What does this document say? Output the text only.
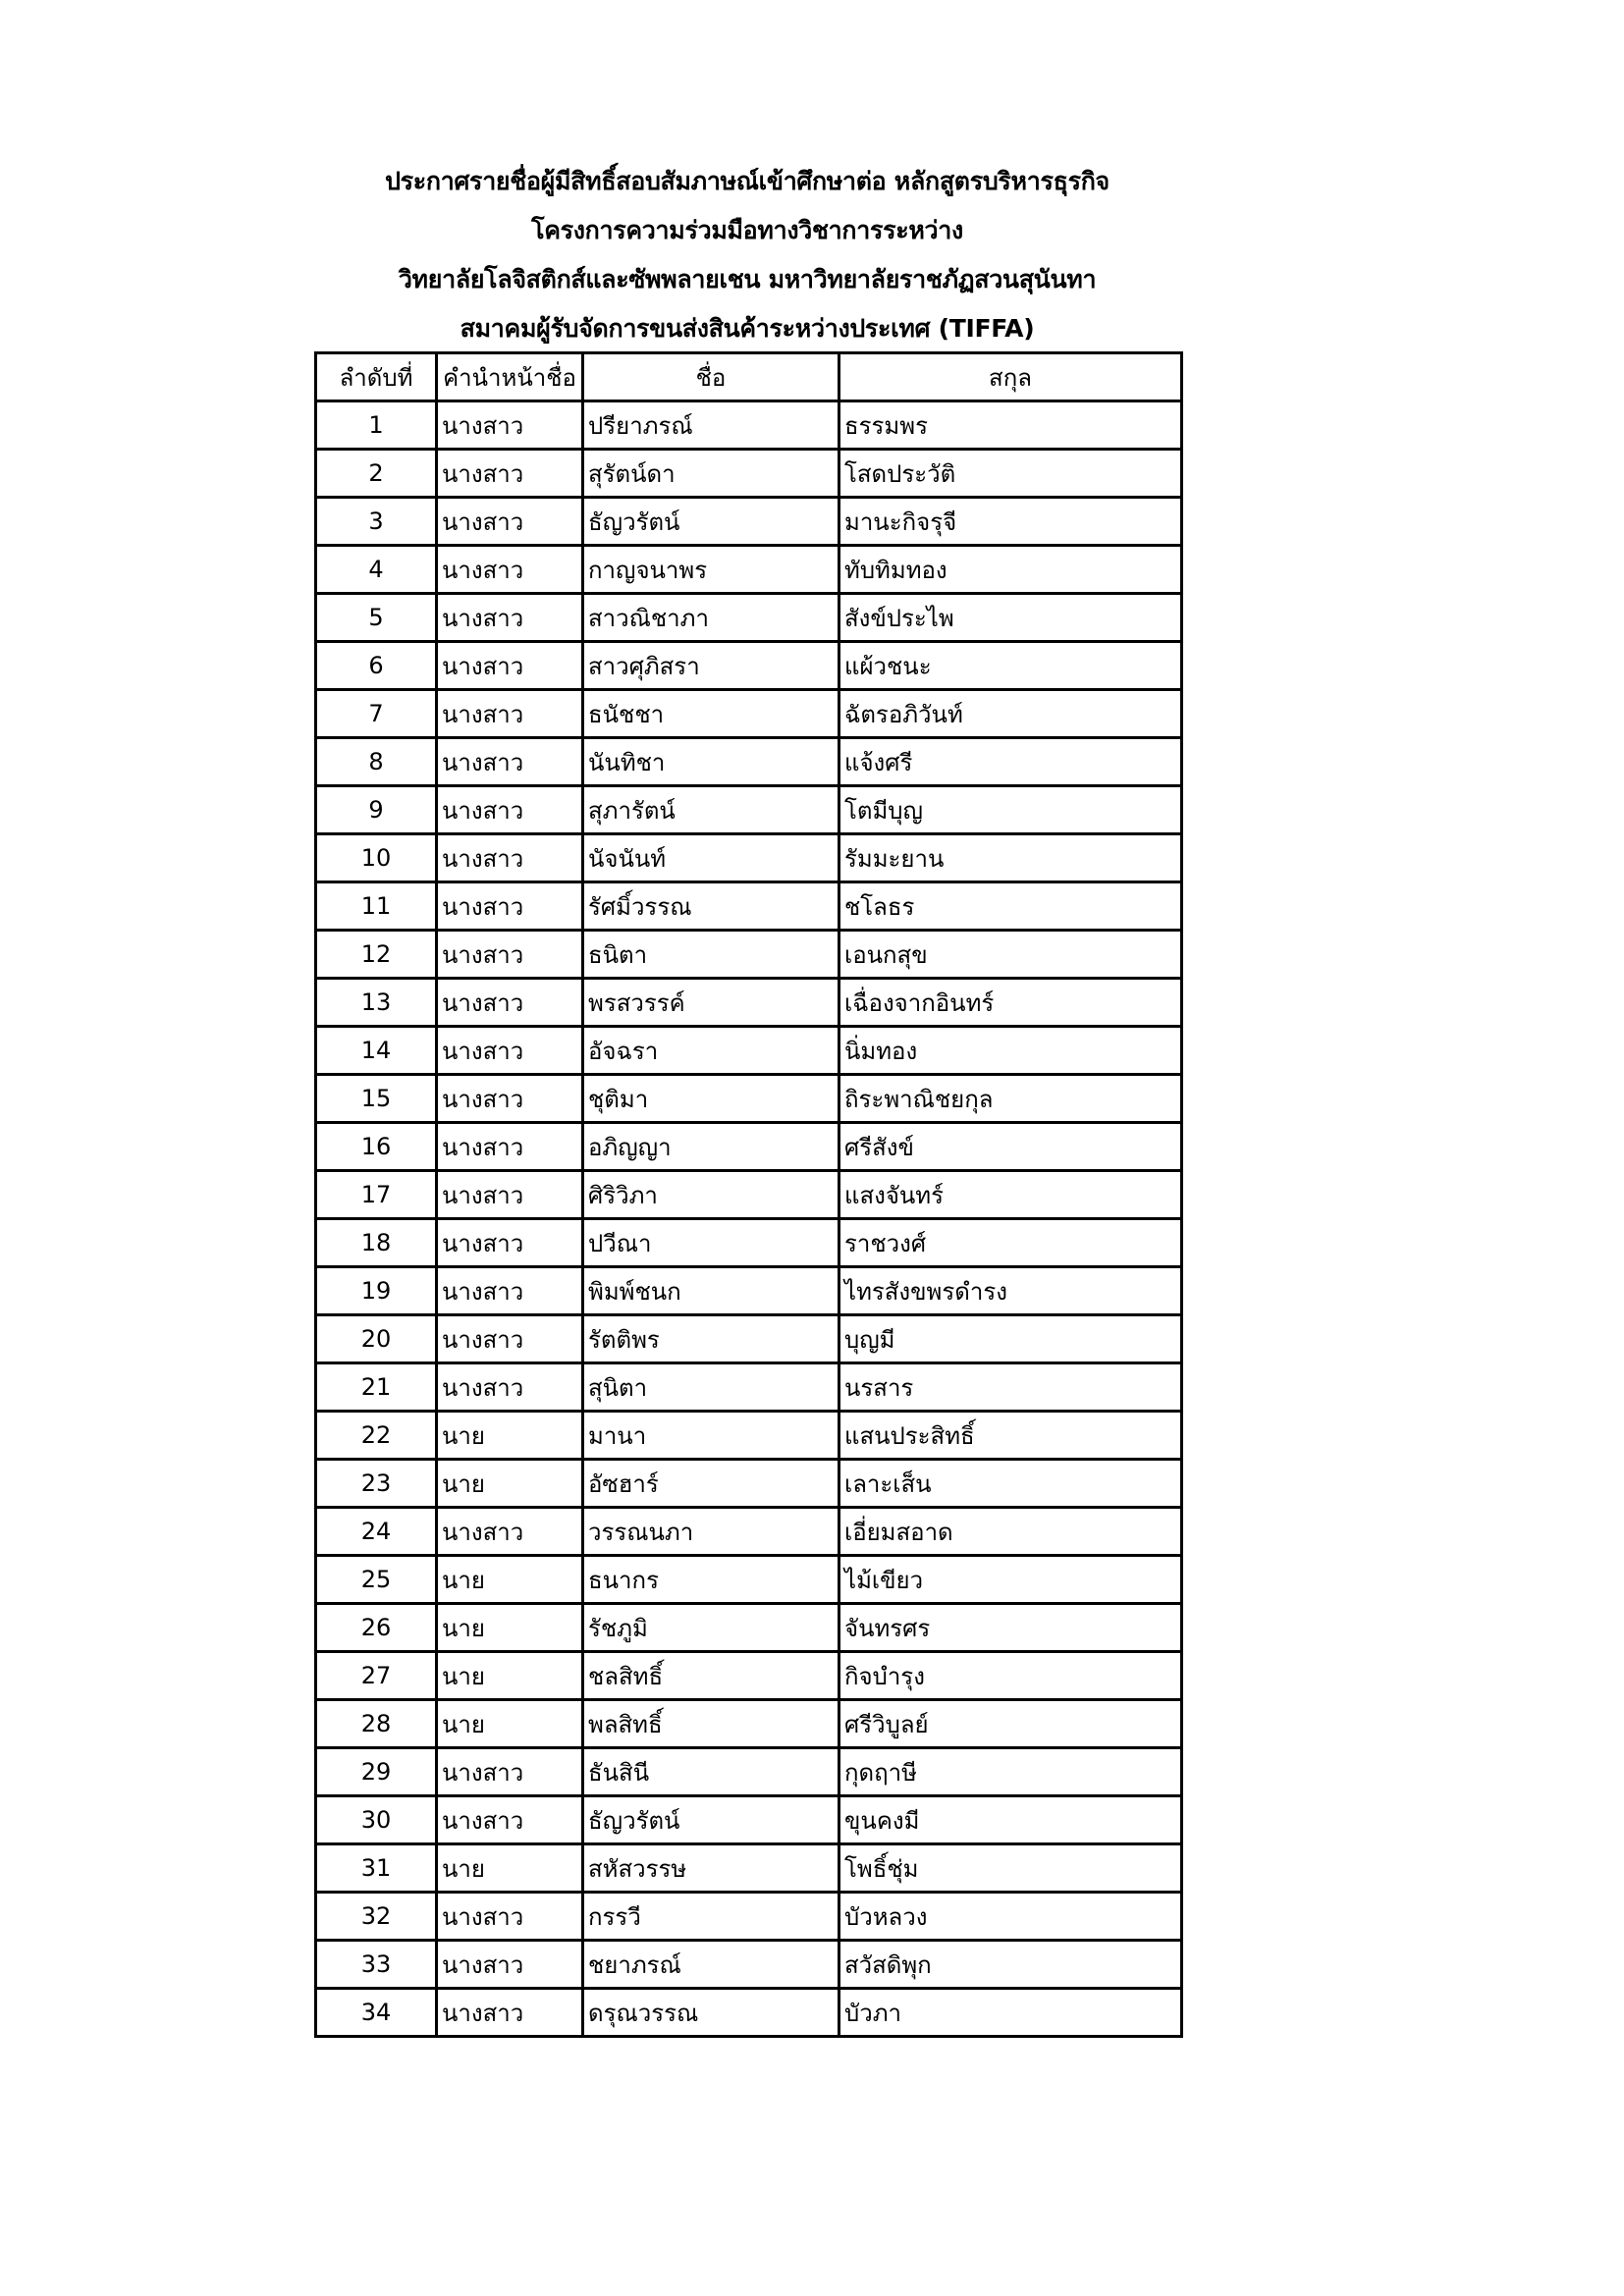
ประกาศรายชื่อผู้มีสิทธิ์สอบสัมภาษณ์เข้าศึกษาต่อ หลักสูตรบริหารธุรกิจ
โครงการความร่วมมือทางวิชาการระหว่าง
วิทยาลัยโลจิสติกส์และซัพพลายเชน มหาวิทยาลัยราชภัฏสวนสุนันทา
สมาคมผู้รับจัดการขนส่งสินค้าระหว่างประเทศ (TIFFA)
ลำดับที่	คำนำหน้าชื่อ	ชื่อ	สกุล
1	นางสาว	ปรียาภรณ์	ธรรมพร
2	นางสาว	สุรัตน์ดา	โสดประวัติ
3	นางสาว	ธัญวรัตน์	มานะกิจรุจี
4	นางสาว	กาญจนาพร	ทับทิมทอง
5	นางสาว	สาวณิชาภา	สังข์ประไพ
6	นางสาว	สาวศุภิสรา	แผ้วชนะ
7	นางสาว	ธนัชชา	ฉัตรอภิวันท์
8	นางสาว	นันทิชา	แจ้งศรี
9	นางสาว	สุภารัตน์	โตมีบุญ
10	นางสาว	นัจนันท์	รัมมะยาน
11	นางสาว	รัศมิ์วรรณ	ชโลธร
12	นางสาว	ธนิตา	เอนกสุข
13	นางสาว	พรสวรรค์	เฉื่องจากอินทร์
14	นางสาว	อัจฉรา	นิ่มทอง
15	นางสาว	ชุติมา	ถิระพาณิชยกุล
16	นางสาว	อภิญญา	ศรีสังข์
17	นางสาว	ศิริวิภา	แสงจันทร์
18	นางสาว	ปวีณา	ราชวงศ์
19	นางสาว	พิมพ์ชนก	ไทรสังขพรดำรง
20	นางสาว	รัตติพร	บุญมี
21	นางสาว	สุนิตา	นรสาร
22	นาย	มานา	แสนประสิทธิ์
23	นาย	อัซฮาร์	เลาะเส็น
24	นางสาว	วรรณนภา	เอี่ยมสอาด
25	นาย	ธนากร	ไม้เขียว
26	นาย	รัชภูมิ	จันทรศร
27	นาย	ชลสิทธิ์	กิจบำรุง
28	นาย	พลสิทธิ์	ศรีวิบูลย์
29	นางสาว	ธันสินี	กุดฤาษี
30	นางสาว	ธัญวรัตน์	ขุนคงมี
31	นาย	สหัสวรรษ	โพธิ์ชุ่ม
32	นางสาว	กรรวี	บัวหลวง
33	นางสาว	ชยาภรณ์	สวัสดิพุก
34	นางสาว	ดรุณวรรณ	บัวภา
